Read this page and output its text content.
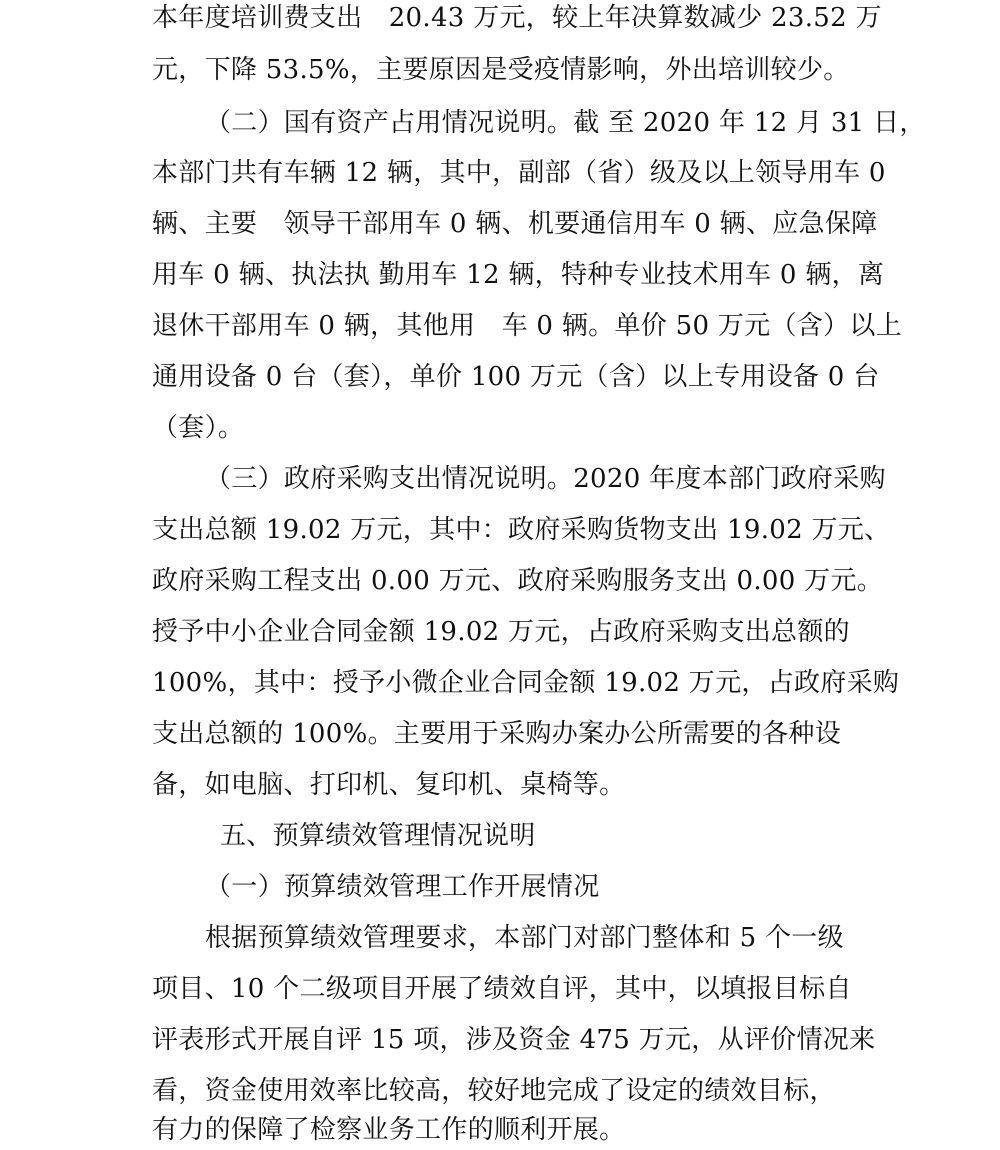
本年度培训费支出　20.43 万元，较上年决算数减少 23.52 万
元，下降 53.5%，主要原因是受疫情影响，外出培训较少。
（二）国有资产占用情况说明。截 至 2020 年 12 月 31 日，
本部门共有车辆 12 辆，其中，副部（省）级及以上领导用车 0
辆、主要　领导干部用车 0 辆、机要通信用车 0 辆、应急保障
用车 0 辆、执法执 勤用车 12 辆，特种专业技术用车 0 辆，离
退休干部用车 0 辆，其他用　车 0 辆。单价 50 万元（含）以上
通用设备 0 台（套），单价 100 万元（含）以上专用设备 0 台
（套）。
（三）政府采购支出情况说明。2020 年度本部门政府采购
支出总额 19.02 万元，其中：政府采购货物支出 19.02 万元、
政府采购工程支出 0.00 万元、政府采购服务支出 0.00 万元。
授予中小企业合同金额 19.02 万元，占政府采购支出总额的
100%，其中：授予小微企业合同金额 19.02 万元，占政府采购
支出总额的 100%。主要用于采购办案办公所需要的各种设
备，如电脑、打印机、复印机、桌椅等。
五、预算绩效管理情况说明
（一）预算绩效管理工作开展情况
根据预算绩效管理要求，本部门对部门整体和 5 个一级
项目、10 个二级项目开展了绩效自评，其中，以填报目标自
评表形式开展自评 15 项，涉及资金 475 万元，从评价情况来
看，资金使用效率比较高，较好地完成了设定的绩效目标，
有力的保障了检察业务工作的顺利开展。
